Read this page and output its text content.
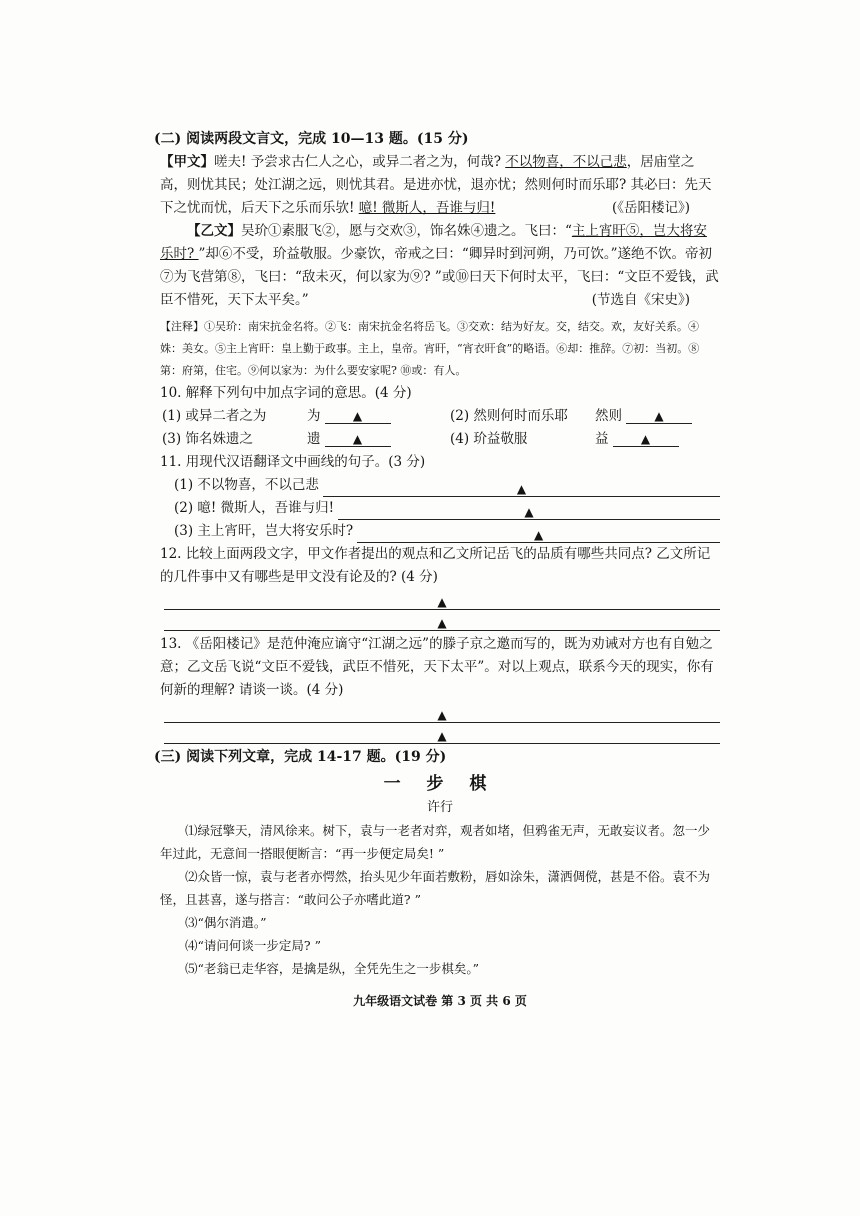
(二) 阅读两段文言文，完成 10—13 题。(15 分)
【甲文】嗟夫! 予尝求古仁人之心，或异二者之为，何哉? 不以物喜，不以己悲，居庙堂之高，则忧其民；处江湖之远，则忧其君。是进亦忧，退亦忧；然则何时而乐耶? 其必曰：先天下之忧而忧，后天下之乐而乐欤! 噫! 微斯人，吾谁与归!	(《岳阳楼记》)
【乙文】吴玠①素服飞②，愿与交欢③，饰名姝④遗之。飞曰：“主上宵旰⑤，岂大将安乐时? ”却⑥不受，玠益敬服。少豪饮，帝戒之曰：“卿异时到河朔，乃可饮。”遂绝不饮。帝初⑦为飞营第⑧，飞曰：“敌未灭，何以家为⑨? ”或⑩曰天下何时太平，飞曰：“文臣不爱钱，武臣不惜死，天下太平矣。”	(节选自《宋史》)
【注释】①吴玠：南宋抗金名将。②飞：南宋抗金名将岳飞。③交欢：结为好友。交，结交。欢，友好关系。④姝：美女。⑤主上宵旰：皇上勤于政事。主上，皇帝。宵旰，“宵衣旰食”的略语。⑥却：推辞。⑦初：当初。⑧第：府第，住宅。⑨何以家为：为什么要安家呢? ⑩或：有人。
10. 解释下列句中加点字词的意思。(4 分)
(1) 或异二者之为	为	▲	(2) 然则何时而乐耶	然则	▲
(3) 饰名姝遗之	遗	▲	(4) 玠益敬服	益	▲
11. 用现代汉语翻译文中画线的句子。(3 分)
(1) 不以物喜，不以己悲	▲
(2) 噫! 微斯人，吾谁与归!	▲
(3) 主上宵旰，岂大将安乐时?	▲
12. 比较上面两段文字，甲文作者提出的观点和乙文所记岳飞的品质有哪些共同点? 乙文所记的几件事中又有哪些是甲文没有论及的? (4 分)
▲
▲
13. 《岳阳楼记》是范仲淹应谪守“江湖之远”的滕子京之邀而写的，既为劝诫对方也有自勉之意；乙文岳飞说“文臣不爱钱，武臣不惜死，天下太平”。对以上观点，联系今天的现实，你有何新的理解? 请谈一谈。(4 分)
▲
▲
(三) 阅读下列文章，完成 14-17 题。(19 分)
一 步 棋
许行
⑴绿冠擎天，清风徐来。树下，袁与一老者对弈，观者如堵，但鸦雀无声，无敢妄议者。忽一少年过此，无意间一搭眼便断言：“再一步便定局矣! ”
⑵众皆一惊，袁与老者亦愕然，抬头见少年面若敷粉，唇如涂朱，潇洒倜傥，甚是不俗。袁不为怪，且甚喜，遂与搭言：“敢问公子亦嗜此道? ”
⑶“偶尔消遣。”
⑷“请问何谈一步定局? ”
⑸“老翁已走华容，是擒是纵，全凭先生之一步棋矣。”
九年级语文试卷 第 3 页 共 6 页
